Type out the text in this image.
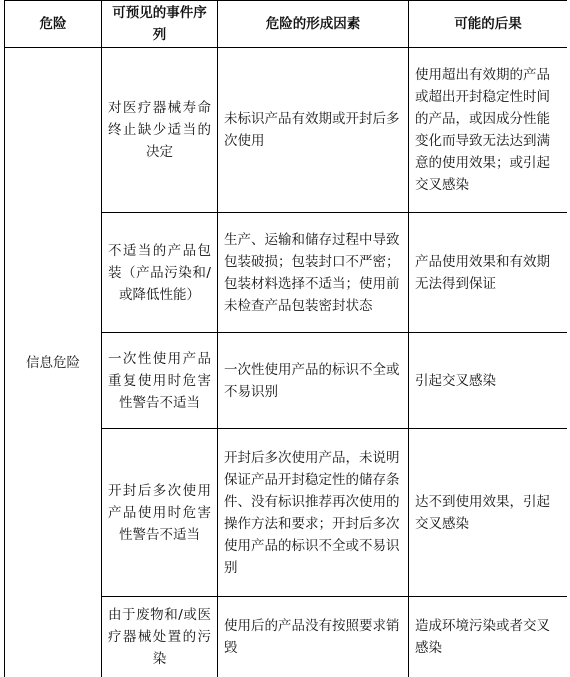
危险	可预见的事件序列	危险的形成因素	可能的后果
信息危险	对医疗器械寿命终止缺少适当的决定	未标识产品有效期或开封后多次使用	使用超出有效期的产品或超出开封稳定性时间的产品，或因成分性能变化而导致无法达到满意的使用效果；或引起交叉感染
	不适当的产品包装（产品污染和/或降低性能）	生产、运输和储存过程中导致包装破损；包装封口不严密；包装材料选择不适当；使用前未检查产品包装密封状态	产品使用效果和有效期无法得到保证
	一次性使用产品重复使用时危害性警告不适当	一次性使用产品的标识不全或不易识别	引起交叉感染
	开封后多次使用产品使用时危害性警告不适当	开封后多次使用产品，未说明保证产品开封稳定性的储存条件、没有标识推荐再次使用的操作方法和要求；开封后多次使用产品的标识不全或不易识别	达不到使用效果，引起交叉感染
	由于废物和/或医疗器械处置的污染	使用后的产品没有按照要求销毁	造成环境污染或者交叉感染
